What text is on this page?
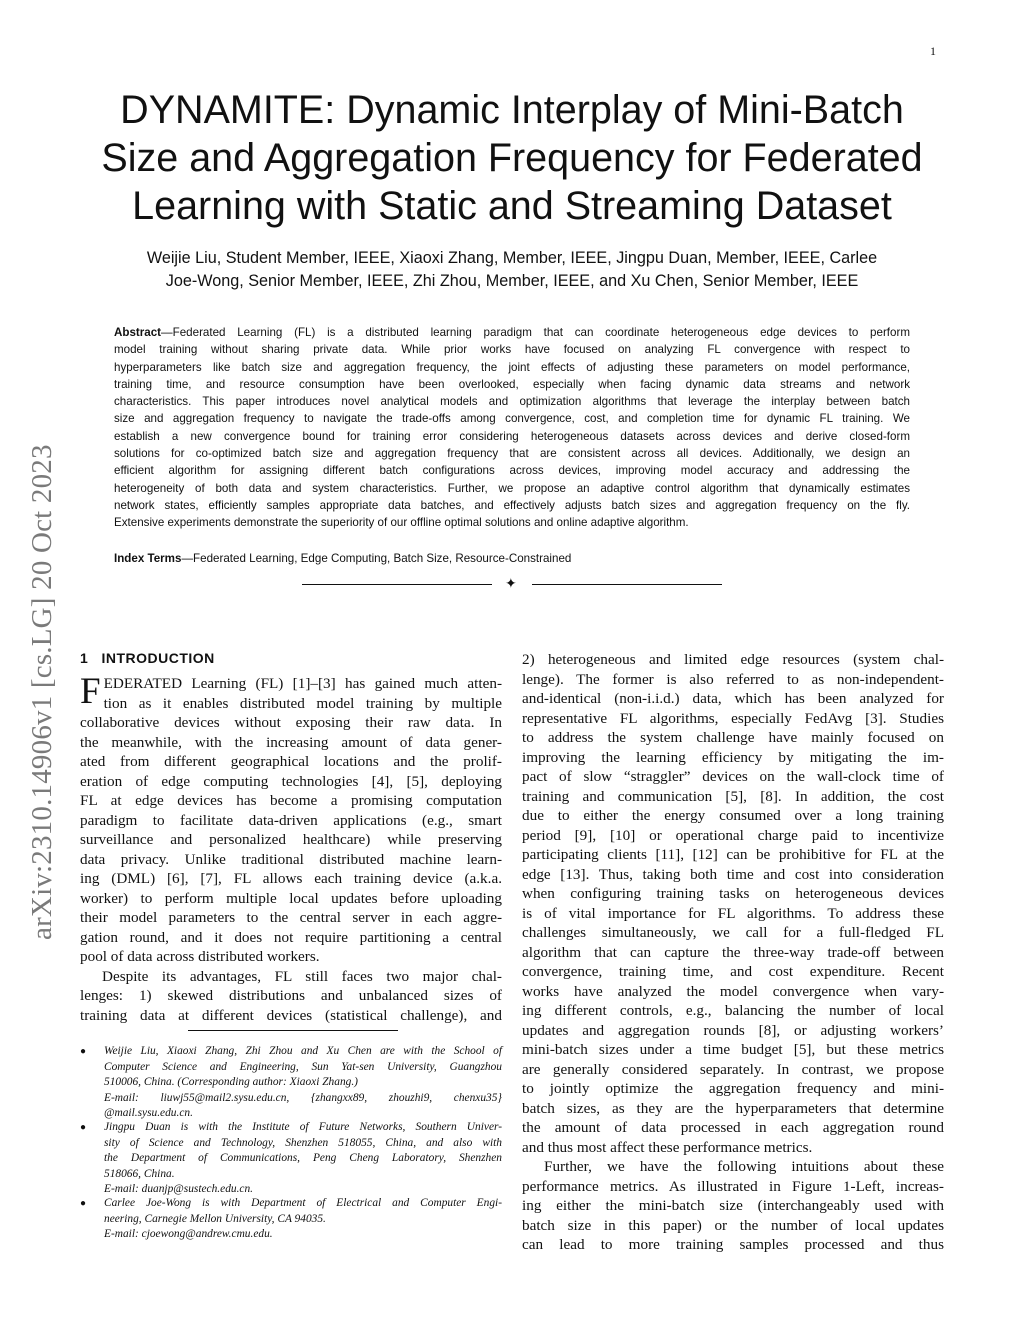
1
arXiv:2310.14906v1 [cs.LG] 20 Oct 2023
DYNAMITE: Dynamic Interplay of Mini-Batch
Size and Aggregation Frequency for Federated
Learning with Static and Streaming Dataset
Weijie Liu, Student Member, IEEE, Xiaoxi Zhang, Member, IEEE, Jingpu Duan, Member, IEEE, Carlee
Joe-Wong, Senior Member, IEEE, Zhi Zhou, Member, IEEE, and Xu Chen, Senior Member, IEEE
Abstract—Federated Learning (FL) is a distributed learning paradigm that can coordinate heterogeneous edge devices to perform
model training without sharing private data. While prior works have focused on analyzing FL convergence with respect to
hyperparameters like batch size and aggregation frequency, the joint effects of adjusting these parameters on model performance,
training time, and resource consumption have been overlooked, especially when facing dynamic data streams and network
characteristics. This paper introduces novel analytical models and optimization algorithms that leverage the interplay between batch
size and aggregation frequency to navigate the trade-offs among convergence, cost, and completion time for dynamic FL training. We
establish a new convergence bound for training error considering heterogeneous datasets across devices and derive closed-form
solutions for co-optimized batch size and aggregation frequency that are consistent across all devices. Additionally, we design an
efficient algorithm for assigning different batch configurations across devices, improving model accuracy and addressing the
heterogeneity of both data and system characteristics. Further, we propose an adaptive control algorithm that dynamically estimates
network states, efficiently samples appropriate data batches, and effectively adjusts batch sizes and aggregation frequency on the fly.
Extensive experiments demonstrate the superiority of our offline optimal solutions and online adaptive algorithm.
Index Terms—Federated Learning, Edge Computing, Batch Size, Resource-Constrained
✦
1 INTRODUCTION
F EDERATED Learning (FL) [1]–[3] has gained much atten-
tion as it enables distributed model training by multiple
collaborative devices without exposing their raw data. In
the meanwhile, with the increasing amount of data gener-
ated from different geographical locations and the prolif-
eration of edge computing technologies [4], [5], deploying
FL at edge devices has become a promising computation
paradigm to facilitate data-driven applications (e.g., smart
surveillance and personalized healthcare) while preserving
data privacy. Unlike traditional distributed machine learn-
ing (DML) [6], [7], FL allows each training device (a.k.a.
worker) to perform multiple local updates before uploading
their model parameters to the central server in each aggre-
gation round, and it does not require partitioning a central
pool of data across distributed workers.
Despite its advantages, FL still faces two major chal-
lenges: 1) skewed distributions and unbalanced sizes of
training data at different devices (statistical challenge), and
● Weijie Liu, Xiaoxi Zhang, Zhi Zhou and Xu Chen are with the School of
Computer Science and Engineering, Sun Yat-sen University, Guangzhou
510006, China. (Corresponding author: Xiaoxi Zhang.)
E-mail: liuwj55@mail2.sysu.edu.cn, {zhangxx89, zhouzhi9, chenxu35}
@mail.sysu.edu.cn.
● Jingpu Duan is with the Institute of Future Networks, Southern Univer-
sity of Science and Technology, Shenzhen 518055, China, and also with
the Department of Communications, Peng Cheng Laboratory, Shenzhen
518066, China.
E-mail: duanjp@sustech.edu.cn.
● Carlee Joe-Wong is with Department of Electrical and Computer Engi-
neering, Carnegie Mellon University, CA 94035.
E-mail: cjoewong@andrew.cmu.edu.
2) heterogeneous and limited edge resources (system chal-
lenge). The former is also referred to as non-independent-
and-identical (non-i.i.d.) data, which has been analyzed for
representative FL algorithms, especially FedAvg [3]. Studies
to address the system challenge have mainly focused on
improving the learning efficiency by mitigating the im-
pact of slow “straggler” devices on the wall-clock time of
training and communication [5], [8]. In addition, the cost
due to either the energy consumed over a long training
period [9], [10] or operational charge paid to incentivize
participating clients [11], [12] can be prohibitive for FL at the
edge [13]. Thus, taking both time and cost into consideration
when configuring training tasks on heterogeneous devices
is of vital importance for FL algorithms. To address these
challenges simultaneously, we call for a full-fledged FL
algorithm that can capture the three-way trade-off between
convergence, training time, and cost expenditure. Recent
works have analyzed the model convergence when vary-
ing different controls, e.g., balancing the number of local
updates and aggregation rounds [8], or adjusting workers’
mini-batch sizes under a time budget [5], but these metrics
are generally considered separately. In contrast, we propose
to jointly optimize the aggregation frequency and mini-
batch sizes, as they are the hyperparameters that determine
the amount of data processed in each aggregation round
and thus most affect these performance metrics.
Further, we have the following intuitions about these
performance metrics. As illustrated in Figure 1-Left, increas-
ing either the mini-batch size (interchangeably used with
batch size in this paper) or the number of local updates
can lead to more training samples processed and thus
